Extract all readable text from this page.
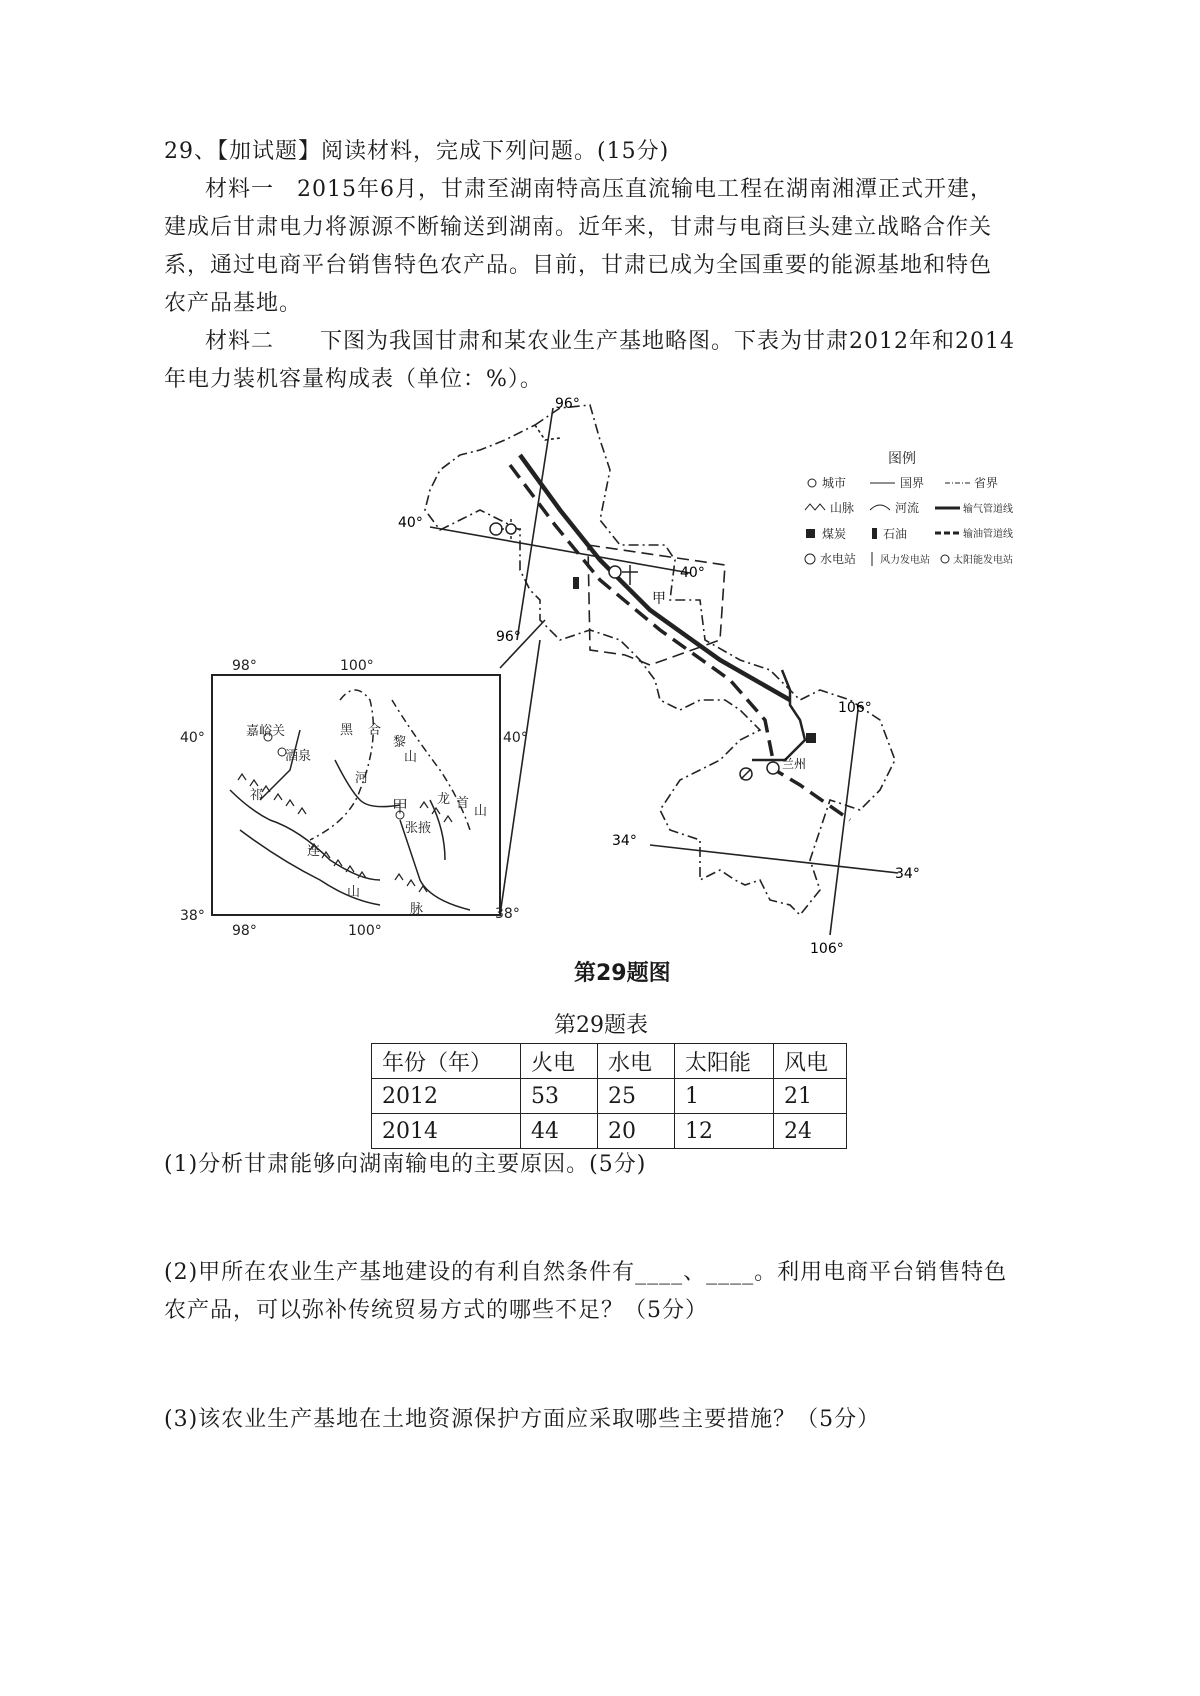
29、【加试题】阅读材料，完成下列问题。(15分)
材料一　2015年6月，甘肃至湖南特高压直流输电工程在湖南湘潭正式开建，
建成后甘肃电力将源源不断输送到湖南。近年来，甘肃与电商巨头建立战略合作关
系，通过电商平台销售特色农产品。目前，甘肃已成为全国重要的能源基地和特色
农产品基地。
材料二　　下图为我国甘肃和某农业生产基地略图。下表为甘肃2012年和2014
年电力装机容量构成表（单位：%）。
兰州
甲
96°
96°
40°
40°
106°
106°
34°
34°
图例
城市	国界	省界
山脉	河流	输气管道线
煤炭	石油	输油管道线
水电站 风力发电站 太阳能发电站
嘉峪关
酒泉
张掖
甲
黑
河
合
黎
山
龙 首
山
祁
连
山
脉
98°	100°
40°	40°
38°	38°
98°	100°
第29题图
第29题表
年份（年）	火电	水电	太阳能	风电
2012	53	25	1	21
2014	44	20	12	24
(1)分析甘肃能够向湖南输电的主要原因。(5分)
(2)甲所在农业生产基地建设的有利自然条件有____、____。利用电商平台销售特色
农产品，可以弥补传统贸易方式的哪些不足？（5分）
(3)该农业生产基地在土地资源保护方面应采取哪些主要措施？（5分）
